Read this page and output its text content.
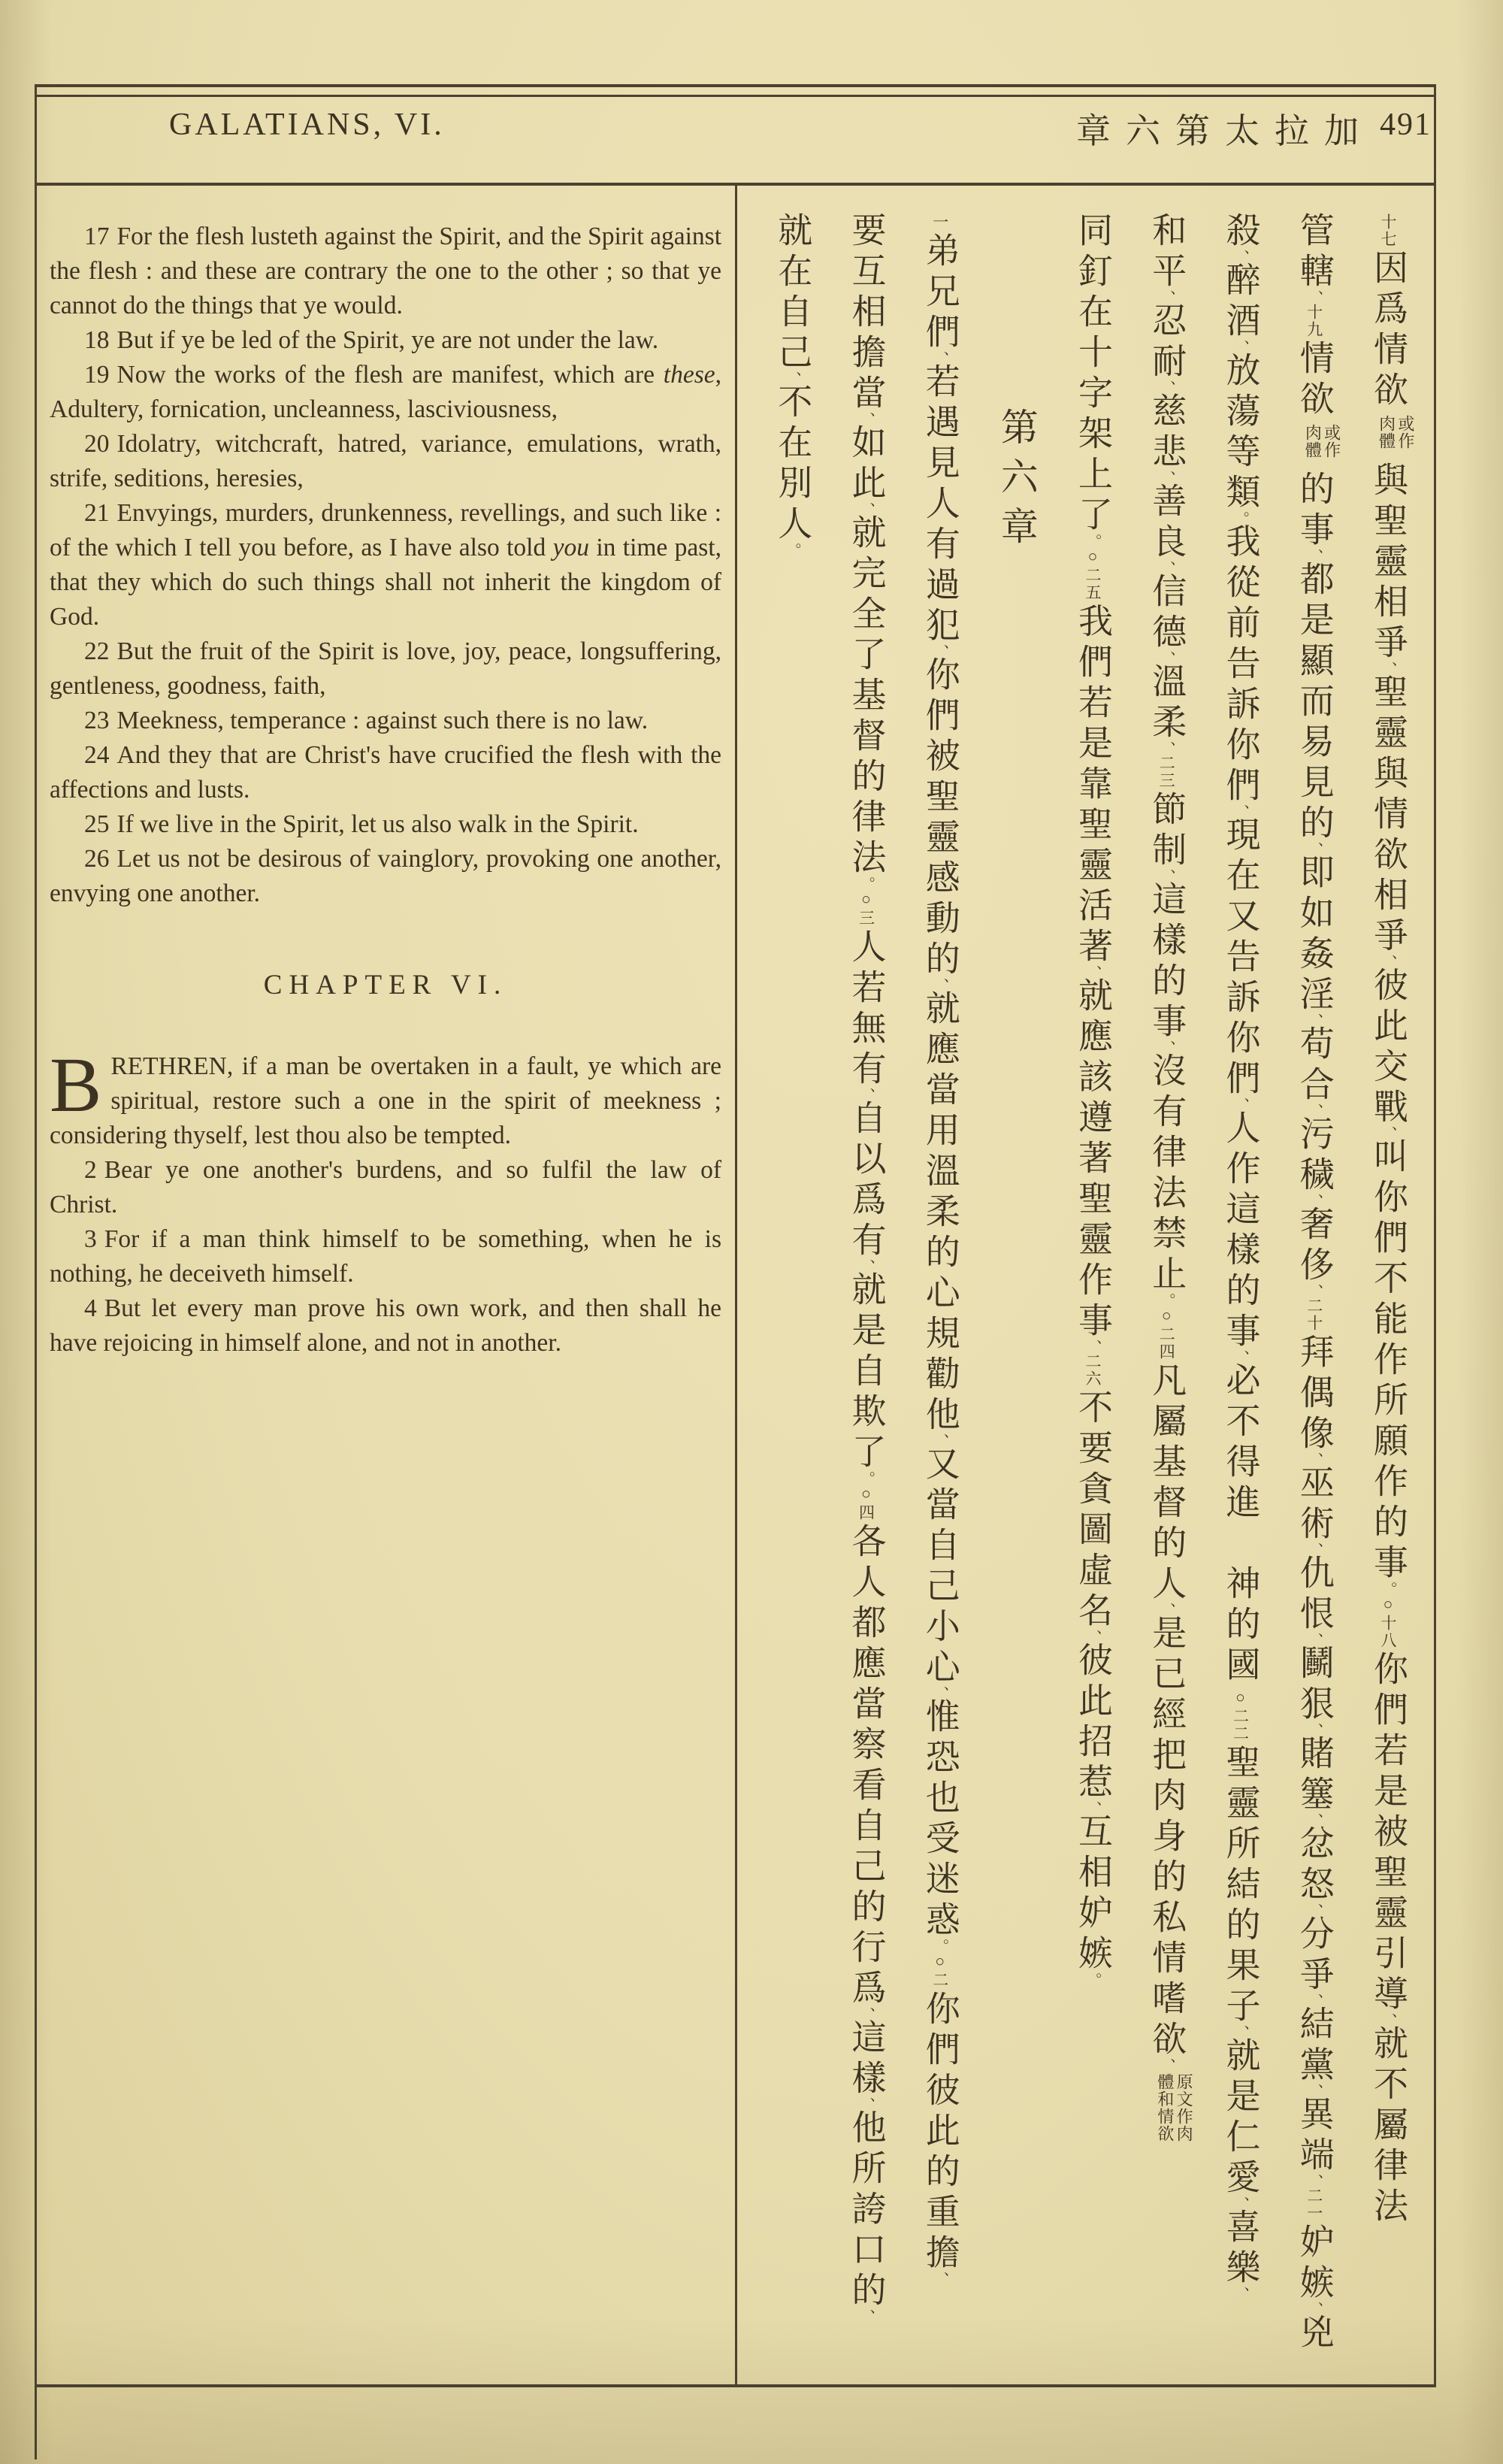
GALATIANS, VI.	章六第太拉加 491

17 For the flesh lusteth against the Spirit, and the Spirit against the flesh : and these are contrary the one to the other ; so that ye cannot do the things that ye would.

18 But if ye be led of the Spirit, ye are not under the law.

19 Now the works of the flesh are manifest, which are these, Adultery, fornication, uncleanness, lasciviousness,

20 Idolatry, witchcraft, hatred, variance, emulations, wrath, strife, seditions, heresies,

21 Envyings, murders, drunkenness, revellings, and such like : of the which I tell you before, as I have also told you in time past, that they which do such things shall not inherit the kingdom of God.

22 But the fruit of the Spirit is love, joy, peace, longsuffering, gentleness, goodness, faith,

23 Meekness, temperance : against such there is no law.

24 And they that are Christ's have crucified the flesh with the affections and lusts.

25 If we live in the Spirit, let us also walk in the Spirit.

26 Let us not be desirous of vainglory, provoking one another, envying one another.

CHAPTER VI.

BRETHREN, if a man be overtaken in a fault, ye which are spiritual, restore such a one in the spirit of meekness ; considering thyself, lest thou also be tempted.

2 Bear ye one another's burdens, and so fulfil the law of Christ.

3 For if a man think himself to be something, when he is nothing, he deceiveth himself.

4 But let every man prove his own work, and then shall he have rejoicing in himself alone, and not in another.

十七因爲情欲或作肉體與聖靈相爭、聖靈與情欲相爭、彼此交戰、叫你們不能作所願作的事。○十八你們若是被聖靈引導、就不屬律法
管轄、十九情欲或作肉體的事、都是顯而易見的、即如姦淫、苟合、污穢、奢侈、二十拜偶像、巫術、仇恨、鬭狠、賭簺、忿怒、分爭、結黨、異端、二一妒嫉、兇
殺、醉酒、放蕩等類。我從前告訴你們、現在又告訴你們、人作這樣的事、必不得進　神的國○二二聖靈所結的果子、就是仁愛、喜樂、
和平、忍耐、慈悲、善良、信德、溫柔、二三節制、這樣的事、沒有律法禁止。○二四凡屬基督的人、是已經把肉身的私情嗜欲、原文作肉體和情欲
同釘在十字架上了。○二五我們若是靠聖靈活著、就應該遵著聖靈作事、二六不要貪圖虛名、彼此招惹、互相妒嫉。
第六章
一弟兄們、若遇見人有過犯、你們被聖靈感動的、就應當用溫柔的心規勸他、又當自己小心、惟恐也受迷惑。○二你們彼此的重擔、
要互相擔當、如此、就完全了基督的律法。○三人若無有、自以爲有、就是自欺了。○四各人都應當察看自己的行爲、這樣、他所誇口的、
就在自己、不在別人。
